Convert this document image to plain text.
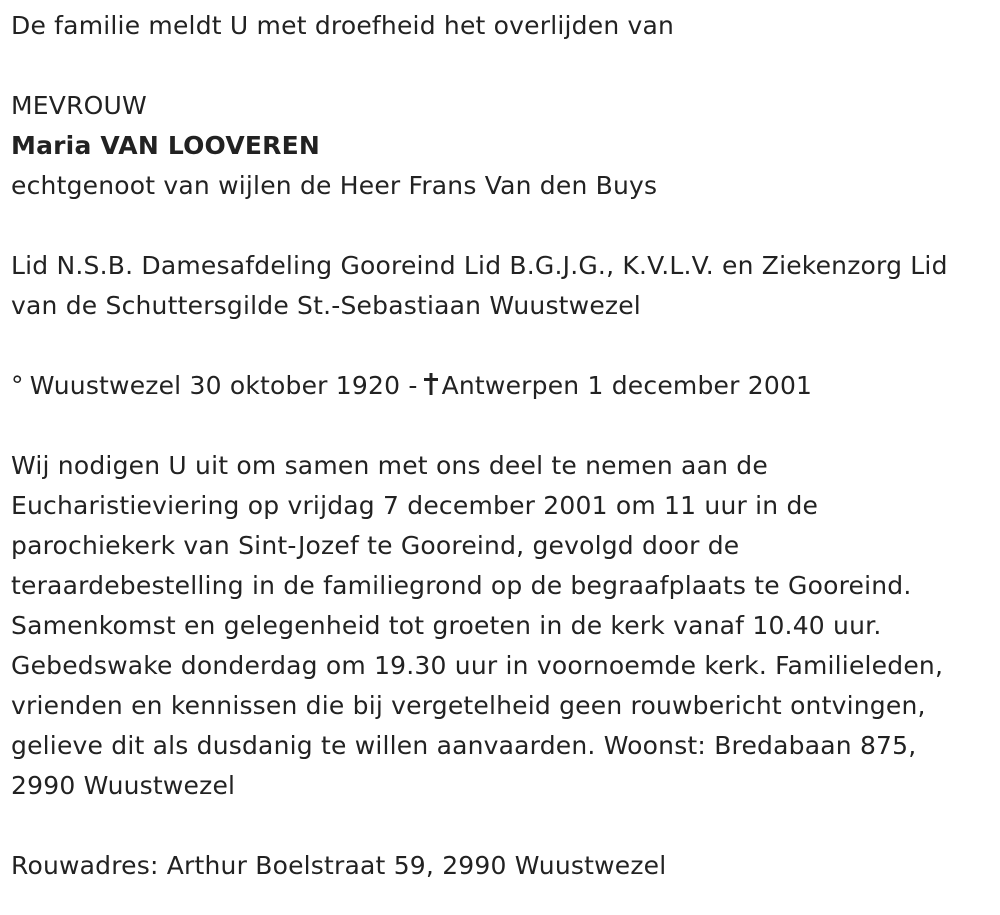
De familie meldt U met droefheid het overlijden van
MEVROUW
Maria VAN LOOVEREN
echtgenoot van wijlen de Heer Frans Van den Buys
Lid N.S.B. Damesafdeling Gooreind Lid B.G.J.G., K.V.L.V. en Ziekenzorg Lid
van de Schuttersgilde St.-Sebastiaan Wuustwezel
° Wuustwezel 30 oktober 1920 - Antwerpen 1 december 2001
Wij nodigen U uit om samen met ons deel te nemen aan de
Eucharistieviering op vrijdag 7 december 2001 om 11 uur in de
parochiekerk van Sint-Jozef te Gooreind, gevolgd door de
teraardebestelling in de familiegrond op de begraafplaats te Gooreind.
Samenkomst en gelegenheid tot groeten in de kerk vanaf 10.40 uur.
Gebedswake donderdag om 19.30 uur in voornoemde kerk. Familieleden,
vrienden en kennissen die bij vergetelheid geen rouwbericht ontvingen,
gelieve dit als dusdanig te willen aanvaarden. Woonst: Bredabaan 875,
2990 Wuustwezel
Rouwadres: Arthur Boelstraat 59, 2990 Wuustwezel
